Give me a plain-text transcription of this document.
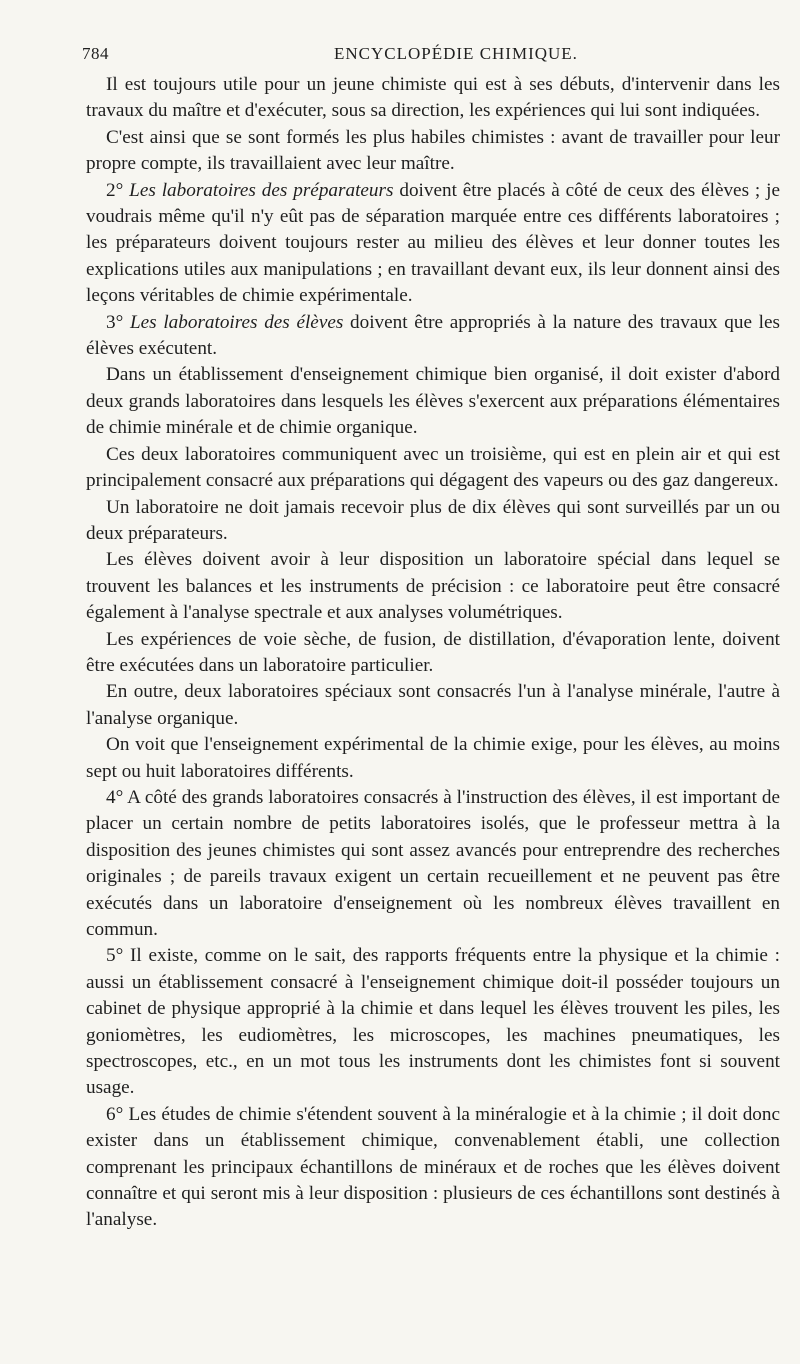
784	ENCYCLOPÉDIE CHIMIQUE.

Il est toujours utile pour un jeune chimiste qui est à ses débuts, d'intervenir dans les travaux du maître et d'exécuter, sous sa direction, les expériences qui lui sont indiquées.

C'est ainsi que se sont formés les plus habiles chimistes : avant de travailler pour leur propre compte, ils travaillaient avec leur maître.

2° Les laboratoires des préparateurs doivent être placés à côté de ceux des élèves ; je voudrais même qu'il n'y eût pas de séparation marquée entre ces différents laboratoires ; les préparateurs doivent toujours rester au milieu des élèves et leur donner toutes les explications utiles aux manipulations ; en travaillant devant eux, ils leur donnent ainsi des leçons véritables de chimie expérimentale.

3° Les laboratoires des élèves doivent être appropriés à la nature des travaux que les élèves exécutent.

Dans un établissement d'enseignement chimique bien organisé, il doit exister d'abord deux grands laboratoires dans lesquels les élèves s'exercent aux préparations élémentaires de chimie minérale et de chimie organique.

Ces deux laboratoires communiquent avec un troisième, qui est en plein air et qui est principalement consacré aux préparations qui dégagent des vapeurs ou des gaz dangereux.

Un laboratoire ne doit jamais recevoir plus de dix élèves qui sont surveillés par un ou deux préparateurs.

Les élèves doivent avoir à leur disposition un laboratoire spécial dans lequel se trouvent les balances et les instruments de précision : ce laboratoire peut être consacré également à l'analyse spectrale et aux analyses volumétriques.

Les expériences de voie sèche, de fusion, de distillation, d'évaporation lente, doivent être exécutées dans un laboratoire particulier.

En outre, deux laboratoires spéciaux sont consacrés l'un à l'analyse minérale, l'autre à l'analyse organique.

On voit que l'enseignement expérimental de la chimie exige, pour les élèves, au moins sept ou huit laboratoires différents.

4° A côté des grands laboratoires consacrés à l'instruction des élèves, il est important de placer un certain nombre de petits laboratoires isolés, que le professeur mettra à la disposition des jeunes chimistes qui sont assez avancés pour entreprendre des recherches originales ; de pareils travaux exigent un certain recueillement et ne peuvent pas être exécutés dans un laboratoire d'enseignement où les nombreux élèves travaillent en commun.

5° Il existe, comme on le sait, des rapports fréquents entre la physique et la chimie : aussi un établissement consacré à l'enseignement chimique doit-il posséder toujours un cabinet de physique approprié à la chimie et dans lequel les élèves trouvent les piles, les goniomètres, les eudiomètres, les microscopes, les machines pneumatiques, les spectroscopes, etc., en un mot tous les instruments dont les chimistes font si souvent usage.

6° Les études de chimie s'étendent souvent à la minéralogie et à la chimie ; il doit donc exister dans un établissement chimique, convenablement établi, une collection comprenant les principaux échantillons de minéraux et de roches que les élèves doivent connaître et qui seront mis à leur disposition : plusieurs de ces échantillons sont destinés à l'analyse.
